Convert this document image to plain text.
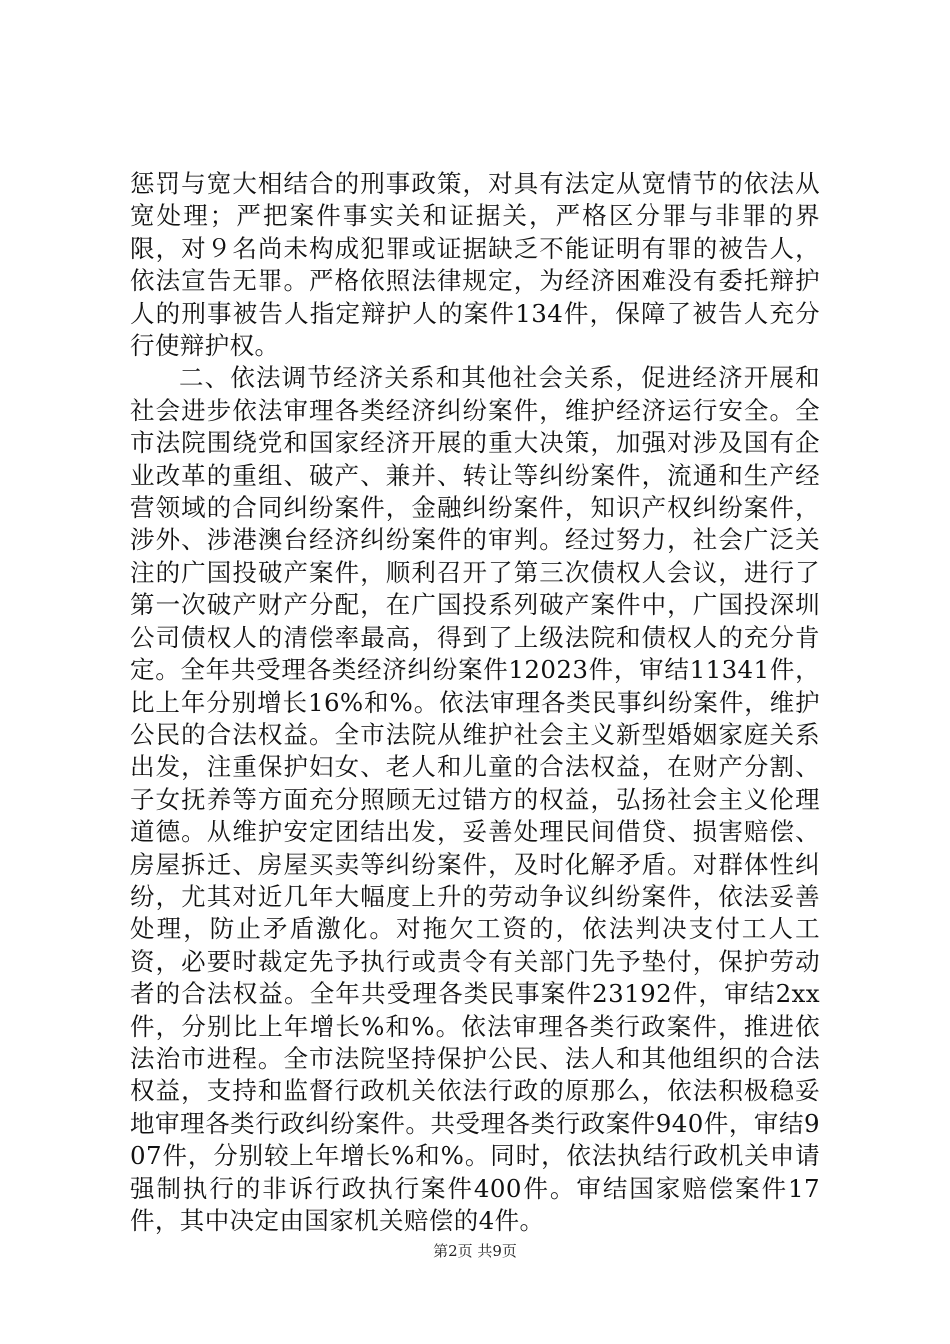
惩罚与宽大相结合的刑事政策，对具有法定从宽情节的依法从宽处理；严把案件事实关和证据关，严格区分罪与非罪的界限，对９名尚未构成犯罪或证据缺乏不能证明有罪的被告人，依法宣告无罪。严格依照法律规定，为经济困难没有委托辩护人的刑事被告人指定辩护人的案件134件，保障了被告人充分行使辩护权。

二、依法调节经济关系和其他社会关系，促进经济开展和社会进步依法审理各类经济纠纷案件，维护经济运行安全。全市法院围绕党和国家经济开展的重大决策，加强对涉及国有企业改革的重组、破产、兼并、转让等纠纷案件，流通和生产经营领域的合同纠纷案件，金融纠纷案件，知识产权纠纷案件，涉外、涉港澳台经济纠纷案件的审判。经过努力，社会广泛关注的广国投破产案件，顺利召开了第三次债权人会议，进行了第一次破产财产分配，在广国投系列破产案件中，广国投深圳公司债权人的清偿率最高，得到了上级法院和债权人的充分肯定。全年共受理各类经济纠纷案件12023件，审结11341件，比上年分别增长16%和%。依法审理各类民事纠纷案件，维护公民的合法权益。全市法院从维护社会主义新型婚姻家庭关系出发，注重保护妇女、老人和儿童的合法权益，在财产分割、子女抚养等方面充分照顾无过错方的权益，弘扬社会主义伦理道德。从维护安定团结出发，妥善处理民间借贷、损害赔偿、房屋拆迁、房屋买卖等纠纷案件，及时化解矛盾。对群体性纠纷，尤其对近几年大幅度上升的劳动争议纠纷案件，依法妥善处理，防止矛盾激化。对拖欠工资的，依法判决支付工人工资，必要时裁定先予执行或责令有关部门先予垫付，保护劳动者的合法权益。全年共受理各类民事案件23192件，审结2xx件，分别比上年增长%和%。依法审理各类行政案件，推进依法治市进程。全市法院坚持保护公民、法人和其他组织的合法权益，支持和监督行政机关依法行政的原那么，依法积极稳妥地审理各类行政纠纷案件。共受理各类行政案件940件，审结907件，分别较上年增长%和%。同时，依法执结行政机关申请强制执行的非诉行政执行案件400件。审结国家赔偿案件17件，其中决定由国家机关赔偿的4件。

第2页 共9页
